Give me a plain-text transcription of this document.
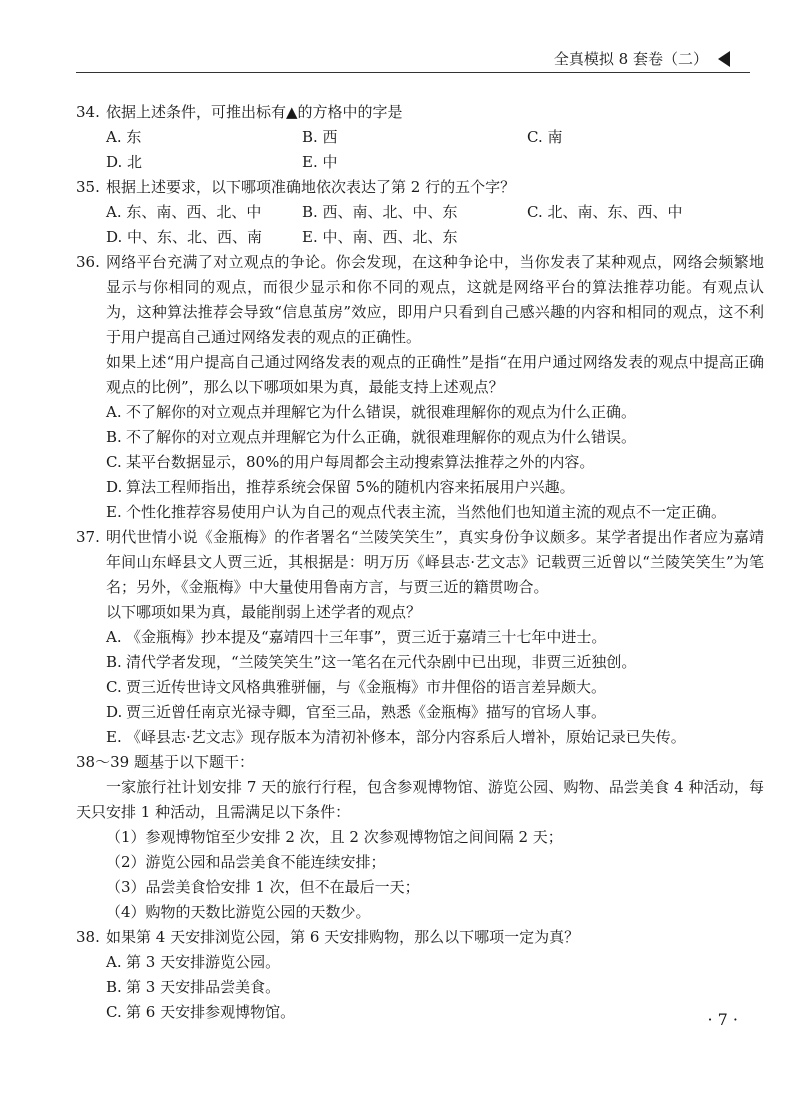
全真模拟 8 套卷（二）
34. 依据上述条件，可推出标有▲的方格中的字是

A. 东	B. 西	C. 南
D. 北	E. 中
35. 根据上述要求，以下哪项准确地依次表达了第 2 行的五个字？

A. 东、南、西、北、中	B. 西、南、北、中、东	C. 北、南、东、西、中
D. 中、东、北、西、南	E. 中、南、西、北、东
36. 网络平台充满了对立观点的争论。你会发现，在这种争论中，当你发表了某种观点，网络会频繁地显示与你相同的观点，而很少显示和你不同的观点，这就是网络平台的算法推荐功能。有观点认为，这种算法推荐会导致“信息茧房”效应，即用户只看到自己感兴趣的内容和相同的观点，这不利于用户提高自己通过网络发表的观点的正确性。

如果上述“用户提高自己通过网络发表的观点的正确性”是指“在用户通过网络发表的观点中提高正确观点的比例”，那么以下哪项如果为真，最能支持上述观点？

A. 不了解你的对立观点并理解它为什么错误，就很难理解你的观点为什么正确。
B. 不了解你的对立观点并理解它为什么正确，就很难理解你的观点为什么错误。
C. 某平台数据显示，80%的用户每周都会主动搜索算法推荐之外的内容。
D. 算法工程师指出，推荐系统会保留 5%的随机内容来拓展用户兴趣。
E. 个性化推荐容易使用户认为自己的观点代表主流，当然他们也知道主流的观点不一定正确。
37. 明代世情小说《金瓶梅》的作者署名“兰陵笑笑生”，真实身份争议颇多。某学者提出作者应为嘉靖年间山东峄县文人贾三近，其根据是：明万历《峄县志·艺文志》记载贾三近曾以“兰陵笑笑生”为笔名；另外，《金瓶梅》中大量使用鲁南方言，与贾三近的籍贯吻合。

以下哪项如果为真，最能削弱上述学者的观点？

A. 《金瓶梅》抄本提及“嘉靖四十三年事”，贾三近于嘉靖三十七年中进士。
B. 清代学者发现，“兰陵笑笑生”这一笔名在元代杂剧中已出现，非贾三近独创。
C. 贾三近传世诗文风格典雅骈俪，与《金瓶梅》市井俚俗的语言差异颇大。
D. 贾三近曾任南京光禄寺卿，官至三品，熟悉《金瓶梅》描写的官场人事。
E. 《峄县志·艺文志》现存版本为清初补修本，部分内容系后人增补，原始记录已失传。

38～39 题基于以下题干：

一家旅行社计划安排 7 天的旅行行程，包含参观博物馆、游览公园、购物、品尝美食 4 种活动，每天只安排 1 种活动，且需满足以下条件：

（1）参观博物馆至少安排 2 次，且 2 次参观博物馆之间间隔 2 天；

（2）游览公园和品尝美食不能连续安排；

（3）品尝美食恰安排 1 次，但不在最后一天；

（4）购物的天数比游览公园的天数少。

38. 如果第 4 天安排浏览公园，第 6 天安排购物，那么以下哪项一定为真？

A. 第 3 天安排游览公园。
B. 第 3 天安排品尝美食。
C. 第 6 天安排参观博物馆。	· 7 ·
